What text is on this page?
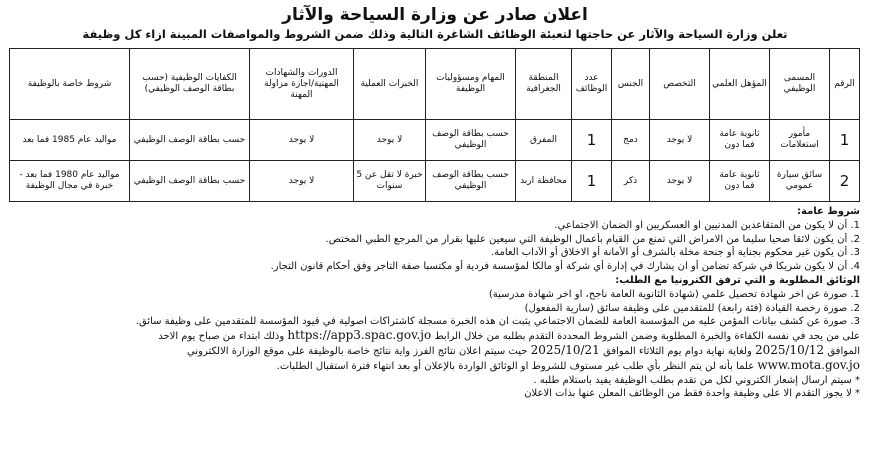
اعلان صادر عن وزارة السياحة والآثار
تعلن وزارة السياحة والآثار عن حاجتها لتعبئة الوظائف الشاغرة التالية وذلك ضمن الشروط والمواصفات المبينة ازاء كل وظيفة
الرقم	المسمى الوظيفي	المؤهل العلمي	التخصص	الجنس	عدد الوظائف	المنطقة الجغرافية	المهام ومسؤوليات الوظيفة	الخبرات العملية	الدورات والشهادات المهنية/اجازة مزاولة المهنة	الكفايات الوظيفية (حسب بطاقة الوصف الوظيفي)	شروط خاصة بالوظيفة
1	مأمور استعلامات	ثانوية عامة فما دون	لا يوجد	دمج	1	المفرق	حسب بطاقة الوصف الوظيفي	لا يوجد	لا يوجد	حسب بطاقة الوصف الوظيفي	مواليد عام 1985 فما بعد
2	سائق سيارة عمومي	ثانوية عامة فما دون	لا يوجد	ذكر	1	محافظة اربد	حسب بطاقة الوصف الوظيفي	خبرة لا تقل عن 5 سنوات	لا يوجد	حسب بطاقة الوصف الوظيفي	مواليد عام 1980 فما بعد - خبرة في مجال الوظيفة

شروط عامة:

1. أن لا يكون من المتقاعدين المدنيين او العسكريين او الضمان الاجتماعي.

2. أن يكون لائقا صحيا سليما من الامراض التي تمنع من القيام بأعمال الوظيفة التي سيعين عليها بقرار من المرجع الطبي المختص.

3. أن يكون غير محكوم بجناية أو جنحة مخلة بالشرف أو الأمانة أو الاخلاق أو الآداب العامة.

4. أن لا يكون شريكا في شركة تضامن أو ان يشارك في إدارة أي شركة أو مالكا لمؤسسة فردية أو مكتسبا صفة التاجر وفق أحكام قانون التجار.

الوثائق المطلوبة و التي ترفق الكترونيا مع الطلب:

1. صورة عن اخر شهادة تحصيل علمي (شهادة الثانوية العامة ناجح، او اخر شهادة مدرسية)

2. صورة رخصة القيادة (فئة رابعة) للمتقدمين على وظيفة سائق (سارية المفعول)

3. صورة عن كشف بيانات المؤمن عليه من المؤسسة العامة للضمان الاجتماعي يثبت ان هذه الخبرة مسجلة كاشتراكات اصولية في قيود المؤسسة للمتقدمين على وظيفة سائق.

على من يجد في نفسه الكفاءة والخبرة المطلوبة وضمن الشروط المحددة التقدم بطلبه من خلال الرابط https://app3.spac.gov.jo وذلك ابتداء من صباح يوم الاحد

الموافق 2025/10/12 ولغاية نهاية دوام يوم الثلاثاء الموافق 2025/10/21 حيث سيتم اعلان نتائج الفرز واية نتائج خاصة بالوظيفة على موقع الوزارة الالكتروني

www.mota.gov.jo علما بأنه لن يتم النظر بأي طلب غير مستوف للشروط او الوثائق الواردة بالإعلان أو بعد انتهاء فترة استقبال الطلبات.

* سيتم ارسال إشعار الكتروني لكل من تقدم بطلب الوظيفة يفيد باستلام طلبه .

* لا يجوز التقدم الا على وظيفة واحدة فقط من الوظائف المعلن عنها بذات الاعلان
